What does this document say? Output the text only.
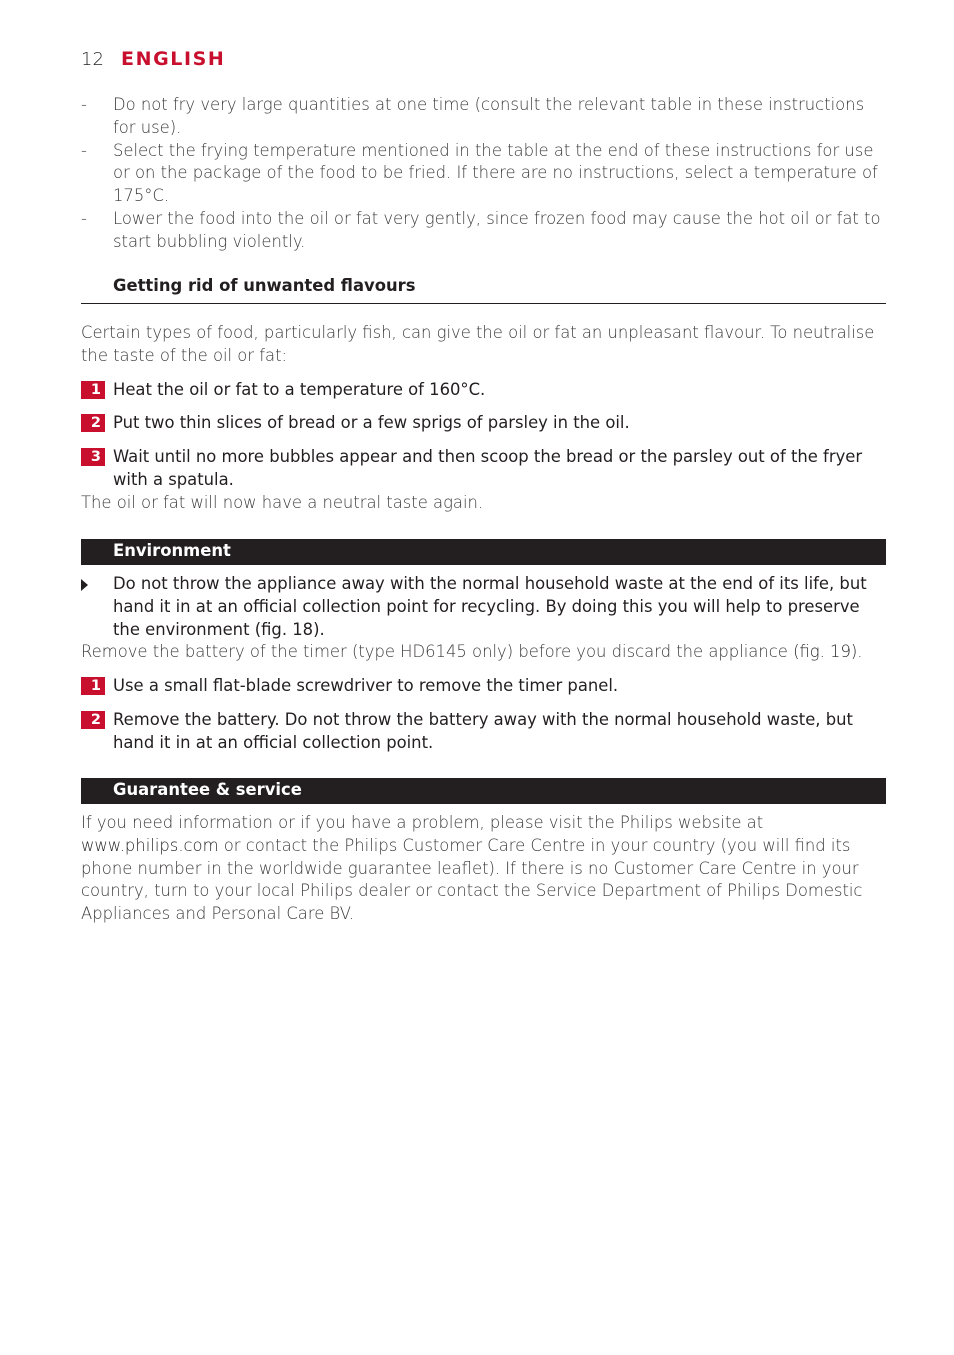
12 ENGLISH
-	Do not fry very large quantities at one time (consult the relevant table in these instructions for use).
-	Select the frying temperature mentioned in the table at the end of these instructions for use or on the package of the food to be fried. If there are no instructions, select a temperature of 175°C.
-	Lower the food into the oil or fat very gently, since frozen food may cause the hot oil or fat to start bubbling violently.
Getting rid of unwanted flavours
Certain types of food, particularly fish, can give the oil or fat an unpleasant flavour. To neutralise the taste of the oil or fat:
1 Heat the oil or fat to a temperature of 160°C.
2 Put two thin slices of bread or a few sprigs of parsley in the oil.
3 Wait until no more bubbles appear and then scoop the bread or the parsley out of the fryer with a spatula.
The oil or fat will now have a neutral taste again.
Environment
Do not throw the appliance away with the normal household waste at the end of its life, but hand it in at an official collection point for recycling. By doing this you will help to preserve the environment (fig. 18).
Remove the battery of the timer (type HD6145 only) before you discard the appliance (fig. 19).
1 Use a small flat-blade screwdriver to remove the timer panel.
2 Remove the battery. Do not throw the battery away with the normal household waste, but hand it in at an official collection point.
Guarantee & service
If you need information or if you have a problem, please visit the Philips website at www.philips.com or contact the Philips Customer Care Centre in your country (you will find its phone number in the worldwide guarantee leaflet). If there is no Customer Care Centre in your country, turn to your local Philips dealer or contact the Service Department of Philips Domestic Appliances and Personal Care BV.
